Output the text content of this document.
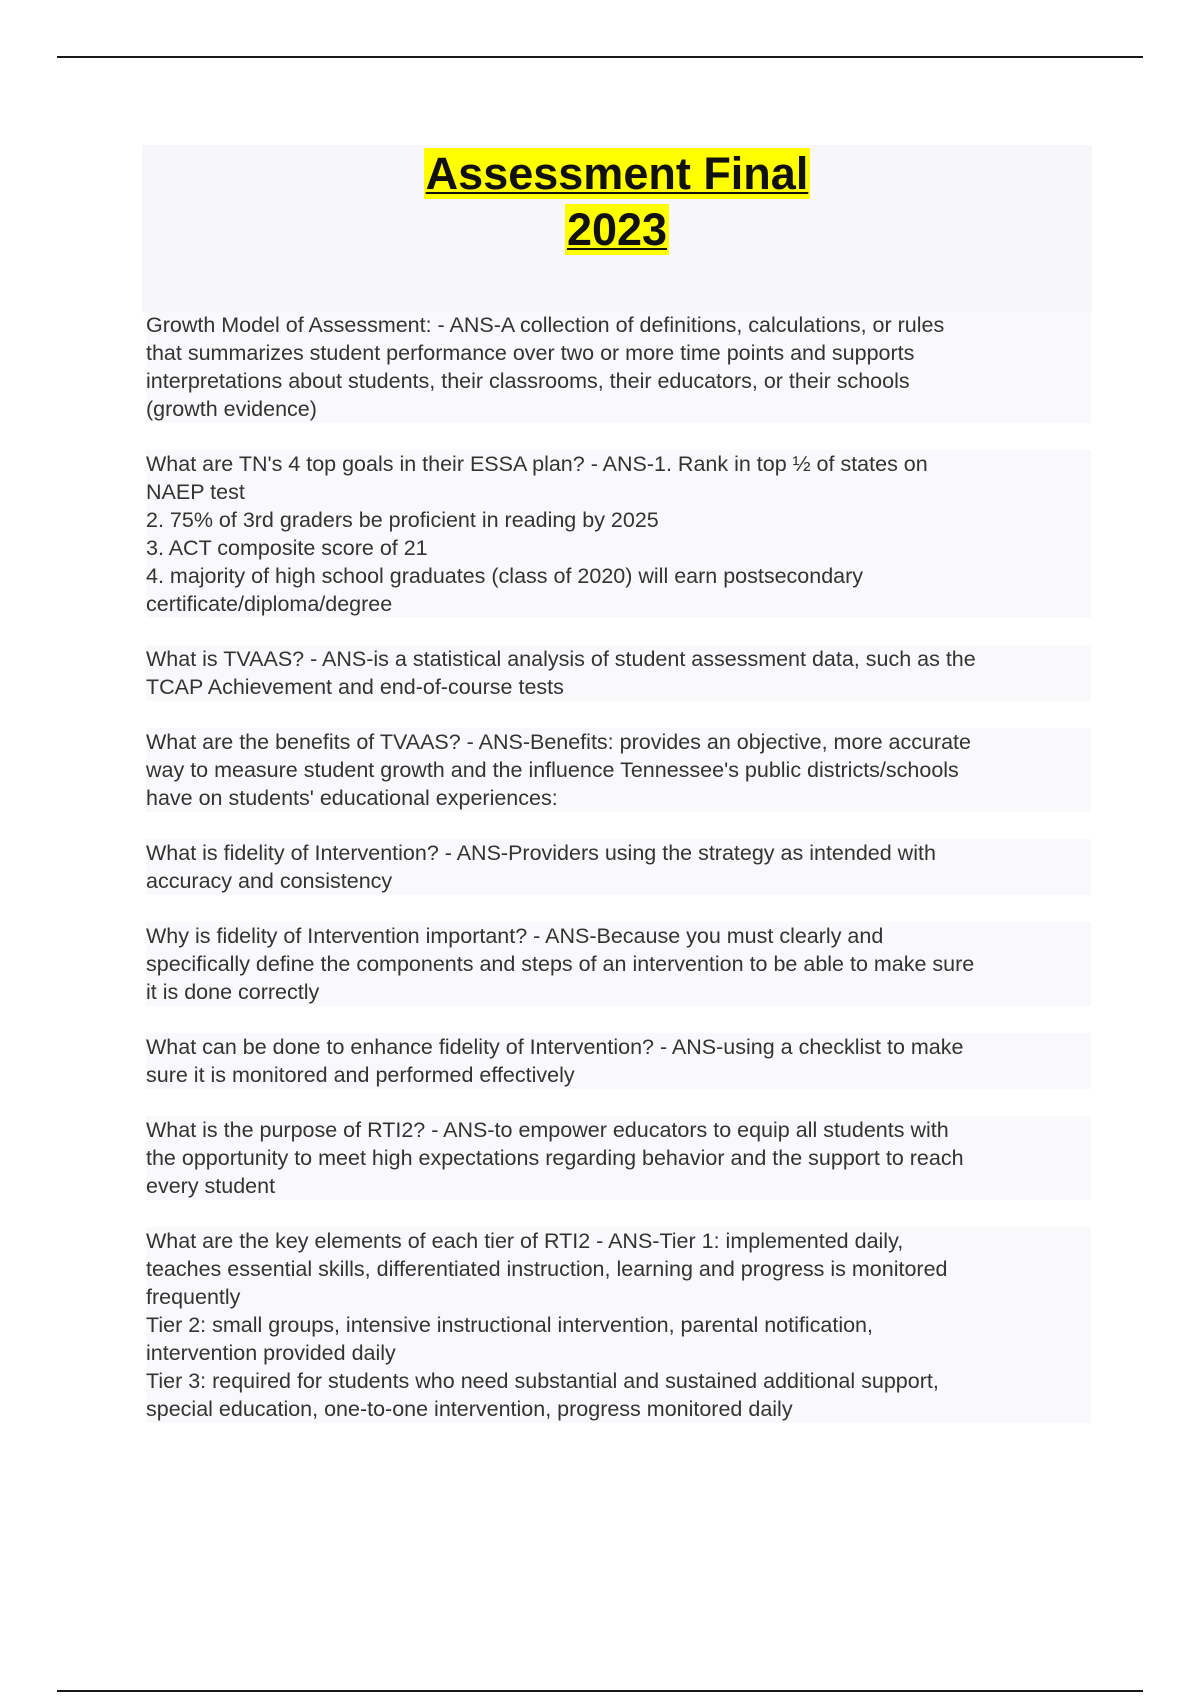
Assessment Final
2023

Growth Model of Assessment: - ANS-A collection of definitions, calculations, or rules
that summarizes student performance over two or more time points and supports
interpretations about students, their classrooms, their educators, or their schools
(growth evidence)

What are TN's 4 top goals in their ESSA plan? - ANS-1. Rank in top ½ of states on
NAEP test
2. 75% of 3rd graders be proficient in reading by 2025
3. ACT composite score of 21
4. majority of high school graduates (class of 2020) will earn postsecondary
certificate/diploma/degree

What is TVAAS? - ANS-is a statistical analysis of student assessment data, such as the
TCAP Achievement and end-of-course tests

What are the benefits of TVAAS? - ANS-Benefits: provides an objective, more accurate
way to measure student growth and the influence Tennessee's public districts/schools
have on students' educational experiences:

What is fidelity of Intervention? - ANS-Providers using the strategy as intended with
accuracy and consistency

Why is fidelity of Intervention important? - ANS-Because you must clearly and
specifically define the components and steps of an intervention to be able to make sure
it is done correctly

What can be done to enhance fidelity of Intervention? - ANS-using a checklist to make
sure it is monitored and performed effectively

What is the purpose of RTI2? - ANS-to empower educators to equip all students with
the opportunity to meet high expectations regarding behavior and the support to reach
every student

What are the key elements of each tier of RTI2 - ANS-Tier 1: implemented daily,
teaches essential skills, differentiated instruction, learning and progress is monitored
frequently
Tier 2: small groups, intensive instructional intervention, parental notification,
intervention provided daily
Tier 3: required for students who need substantial and sustained additional support,
special education, one-to-one intervention, progress monitored daily
